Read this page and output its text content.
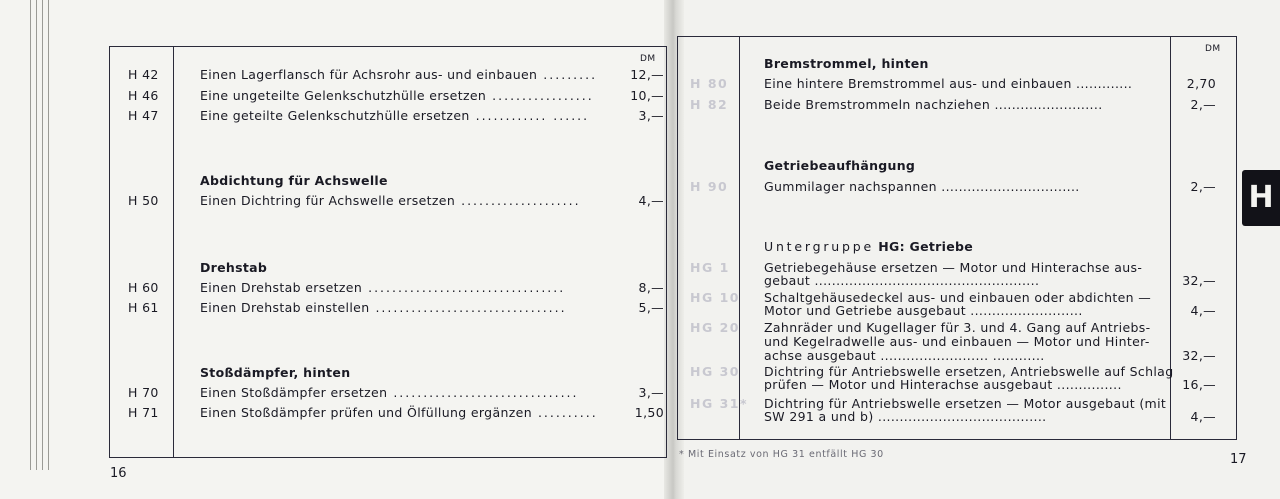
DM
H 42	Einen Lagerflansch für Achsrohr aus- und einbauen .........	12,—
H 46	Eine ungeteilte Gelenkschutzhülle ersetzen .................	10,—
H 47	Eine geteilte Gelenkschutzhülle ersetzen ............ ......	3,—
Abdichtung für Achswelle
H 50	Einen Dichtring für Achswelle ersetzen ....................	4,—
Drehstab
H 60	Einen Drehstab ersetzen .................................	8,—
H 61	Einen Drehstab einstellen ................................	5,—
Stoßdämpfer, hinten
H 70	Einen Stoßdämpfer ersetzen ...............................	3,—
H 71	Einen Stoßdämpfer prüfen und Ölfüllung ergänzen ..........	1,50
16
DM
Bremstrommel, hinten
H 80	Eine hintere Bremstrommel aus- und einbauen .............	2,70
H 82	Beide Bremstrommeln nachziehen .........................	2,—
Getriebeaufhängung
H 90	Gummilager nachspannen ................................	2,—
Untergruppe HG: Getriebe
HG 1	Getriebegehäuse ersetzen — Motor und Hinterachse aus-
gebaut ....................................................	32,—
HG 10 Schaltgehäusedeckel aus- und einbauen oder abdichten —
Motor und Getriebe ausgebaut ..........................	4,—
HG 20 Zahnräder und Kugellager für 3. und 4. Gang auf Antriebs-
und Kegelradwelle aus- und einbauen — Motor und Hinter-
achse ausgebaut ......................... ............	32,—
HG 30 Dichtring für Antriebswelle ersetzen, Antriebswelle auf Schlag
prüfen — Motor und Hinterachse ausgebaut ...............	16,—
HG 31* Dichtring für Antriebswelle ersetzen — Motor ausgebaut (mit
SW 291 a und b) .......................................	4,—
* Mit Einsatz von HG 31 entfällt HG 30	17
H
